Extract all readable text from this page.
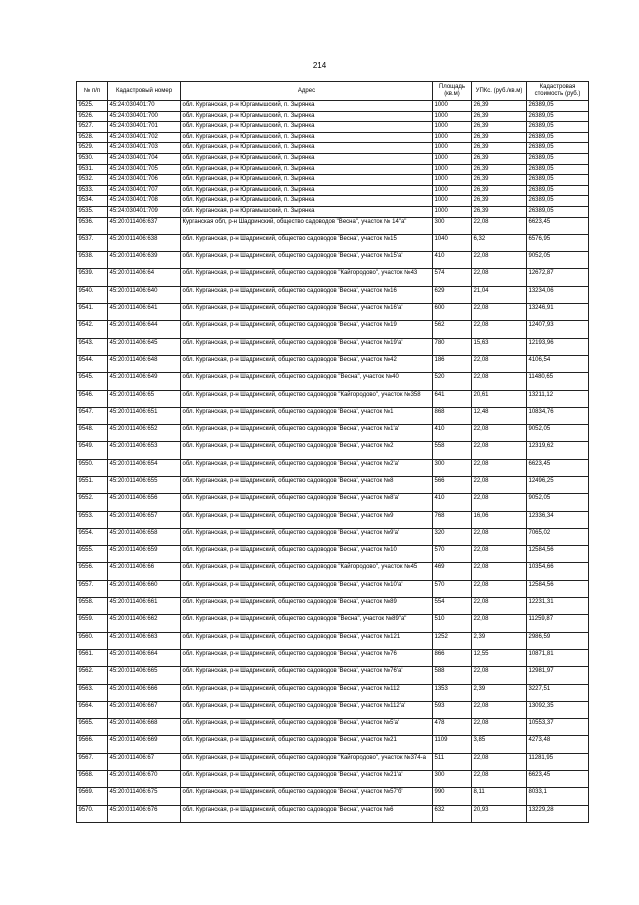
214
№ п/п	Кадастровый номер	Адрес	Площадь (кв.м)	УПКс. (руб./кв.м)	Кадастровая стоимость (руб.)
9525.	45:24:030401:70	обл. Курганская, р-н Юргамышский, п. Зырянка	1000	26,39	26389,05
9526.	45:24:030401:700	обл. Курганская, р-н Юргамышский, п. Зырянка	1000	26,39	26389,05
9527.	45:24:030401:701	обл. Курганская, р-н Юргамышский, п. Зырянка	1000	26,39	26389,05
9528.	45:24:030401:702	обл. Курганская, р-н Юргамышский, п. Зырянка	1000	26,39	26389,05
9529.	45:24:030401:703	обл. Курганская, р-н Юргамышский, п. Зырянка	1000	26,39	26389,05
9530.	45:24:030401:704	обл. Курганская, р-н Юргамышский, п. Зырянка	1000	26,39	26389,05
9531.	45:24:030401:705	обл. Курганская, р-н Юргамышский, п. Зырянка	1000	26,39	26389,05
9532.	45:24:030401:706	обл. Курганская, р-н Юргамышский, п. Зырянка	1000	26,39	26389,05
9533.	45:24:030401:707	обл. Курганская, р-н Юргамышский, п. Зырянка	1000	26,39	26389,05
9534.	45:24:030401:708	обл. Курганская, р-н Юргамышский, п. Зырянка	1000	26,39	26389,05
9535.	45:24:030401:709	обл. Курганская, р-н Юргамышский, п. Зырянка	1000	26,39	26389,05
9536.	45:20:011406:637	Курганская обл, р-н Шадринский, общество садоводов "Весна", участок № 14"а"	300	22,08	6623,45
9537.	45:20:011406:638	обл. Курганская, р-н Шадринский, общество садоводов 'Весна', участок №15	1040	6,32	6576,95
9538.	45:20:011406:639	обл. Курганская, р-н Шадринский, общество садоводов 'Весна', участок №15'а'	410	22,08	9052,05
9539.	45:20:011406:64	обл. Курганская, р-н Шадринский, общество садоводов "Кайгородово", участок №43	574	22,08	12672,87
9540.	45:20:011406:640	обл. Курганская, р-н Шадринский, общество садоводов 'Весна', участок №16	629	21,04	13234,06
9541.	45:20:011406:641	обл. Курганская, р-н Шадринский, общество садоводов 'Весна', участок №16'а'	600	22,08	13246,91
9542.	45:20:011406:644	обл. Курганская, р-н Шадринский, общество садоводов 'Весна', участок №19	562	22,08	12407,93
9543.	45:20:011406:645	обл. Курганская, р-н Шадринский, общество садоводов 'Весна', участок №19'а'	780	15,63	12193,96
9544.	45:20:011406:648	обл. Курганская, р-н Шадринский, общество садоводов 'Весна', участок №42	186	22,08	4106,54
9545.	45:20:011406:649	обл. Курганская, р-н Шадринский, общество садоводов "Весна", участок №40	520	22,08	11480,65
9546.	45:20:011406:65	обл. Курганская, р-н Шадринский, общество садоводов "Кайгородово", участок №358	641	20,61	13211,12
9547.	45:20:011406:651	обл. Курганская, р-н Шадринский, общество садоводов 'Весна', участок №1	868	12,48	10834,76
9548.	45:20:011406:652	обл. Курганская, р-н Шадринский, общество садоводов 'Весна', участок №1'а'	410	22,08	9052,05
9549.	45:20:011406:653	обл. Курганская, р-н Шадринский, общество садоводов 'Весна', участок №2	558	22,08	12319,62
9550.	45:20:011406:654	обл. Курганская, р-н Шадринский, общество садоводов 'Весна', участок №2'а'	300	22,08	6623,45
9551.	45:20:011406:655	обл. Курганская, р-н Шадринский, общество садоводов 'Весна', участок №8	566	22,08	12496,25
9552.	45:20:011406:656	обл. Курганская, р-н Шадринский, общество садоводов 'Весна', участок №8'а'	410	22,08	9052,05
9553.	45:20:011406:657	обл. Курганская, р-н Шадринский, общество садоводов 'Весна', участок №9	768	16,06	12336,34
9554.	45:20:011406:658	обл. Курганская, р-н Шадринский, общество садоводов 'Весна', участок №9'а'	320	22,08	7065,02
9555.	45:20:011406:659	обл. Курганская, р-н Шадринский, общество садоводов 'Весна', участок №10	570	22,08	12584,56
9556.	45:20:011406:66	обл. Курганская, р-н Шадринский, общество садоводов "Кайгородово", участок №45	469	22,08	10354,66
9557.	45:20:011406:660	обл. Курганская, р-н Шадринский, общество садоводов 'Весна', участок №10'а'	570	22,08	12584,56
9558.	45:20:011406:661	обл. Курганская, р-н Шадринский, общество садоводов 'Весна', участок №89	554	22,08	12231,31
9559.	45:20:011406:662	обл. Курганская, р-н Шадринский, общество садоводов "Весна", участок №89"а"	510	22,08	11259,87
9560.	45:20:011406:663	обл. Курганская, р-н Шадринский, общество садоводов 'Весна', участок №121	1252	2,39	2986,59
9561.	45:20:011406:664	обл. Курганская, р-н Шадринский, общество садоводов 'Весна', участок №76	866	12,55	10871,81
9562.	45:20:011406:665	обл. Курганская, р-н Шадринский, общество садоводов 'Весна', участок №76'а'	588	22,08	12981,97
9563.	45:20:011406:666	обл. Курганская, р-н Шадринский, общество садоводов 'Весна', участок №112	1353	2,39	3227,51
9564.	45:20:011406:667	обл. Курганская, р-н Шадринский, общество садоводов 'Весна', участок №112'а'	593	22,08	13092,35
9565.	45:20:011406:668	обл. Курганская, р-н Шадринский, общество садоводов 'Весна', участок №5'а'	478	22,08	10553,37
9566.	45:20:011406:669	обл. Курганская, р-н Шадринский, общество садоводов 'Весна', участок №21	1109	3,85	4273,48
9567.	45:20:011406:67	обл. Курганская, р-н Шадринский, общество садоводов "Кайгородово", участок №374-а	511	22,08	11281,95
9568.	45:20:011406:670	обл. Курганская, р-н Шадринский, общество садоводов 'Весна', участок №21'а'	300	22,08	6623,45
9569.	45:20:011406:675	обл. Курганская, р-н Шадринский, общество садоводов 'Весна', участок №57'б'	990	8,11	8033,1
9570.	45:20:011406:676	обл. Курганская, р-н Шадринский, общество садоводов 'Весна', участок №6	632	20,93	13229,28
